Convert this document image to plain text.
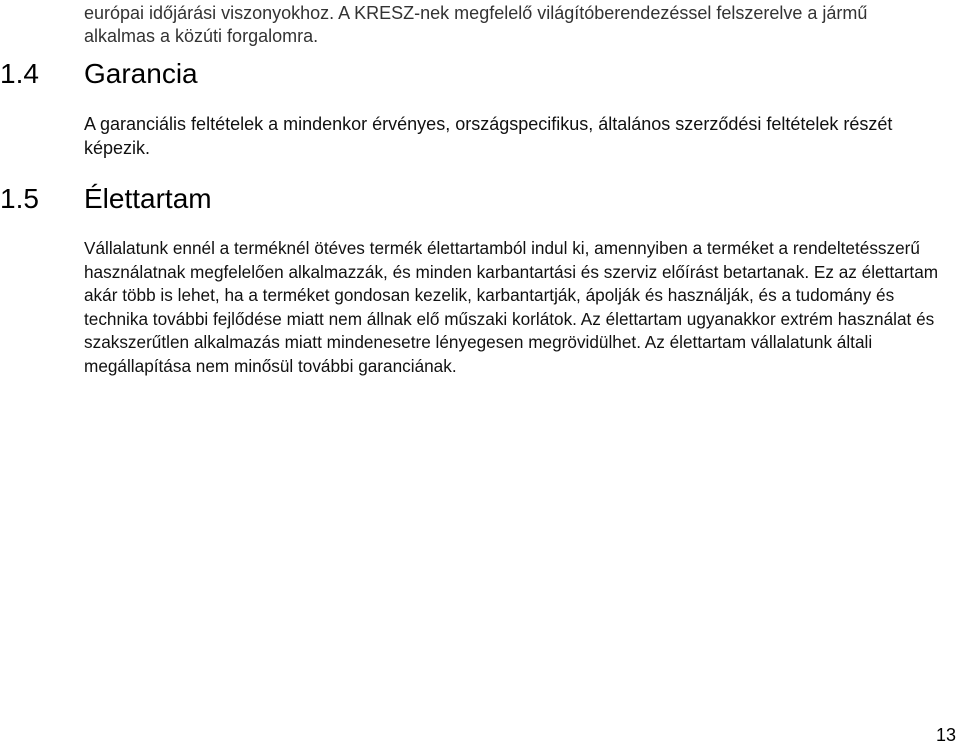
európai időjárási viszonyokhoz. A KRESZ-nek megfelelő világítóberendezéssel felszerelve a jármű
alkalmas a közúti forgalomra.
1.4 Garancia
A garanciális feltételek a mindenkor érvényes, országspecifikus, általános szerződési feltételek részét képezik.
1.5 Élettartam
Vállalatunk ennél a terméknél ötéves termék élettartamból indul ki, amennyiben a terméket a rendeltetésszerű használatnak megfelelően alkalmazzák, és minden karbantartási és szerviz előírást betartanak. Ez az élettartam akár több is lehet, ha a terméket gondosan kezelik, karbantartják, ápolják és használják, és a tudomány és technika további fejlődése miatt nem állnak elő műszaki korlátok. Az élettartam ugyanakkor extrém használat és szakszerűtlen alkalmazás miatt mindenesetre lényegesen megrövidülhet. Az élettartam vállalatunk általi megállapítása nem minősül további garanciának.
13
